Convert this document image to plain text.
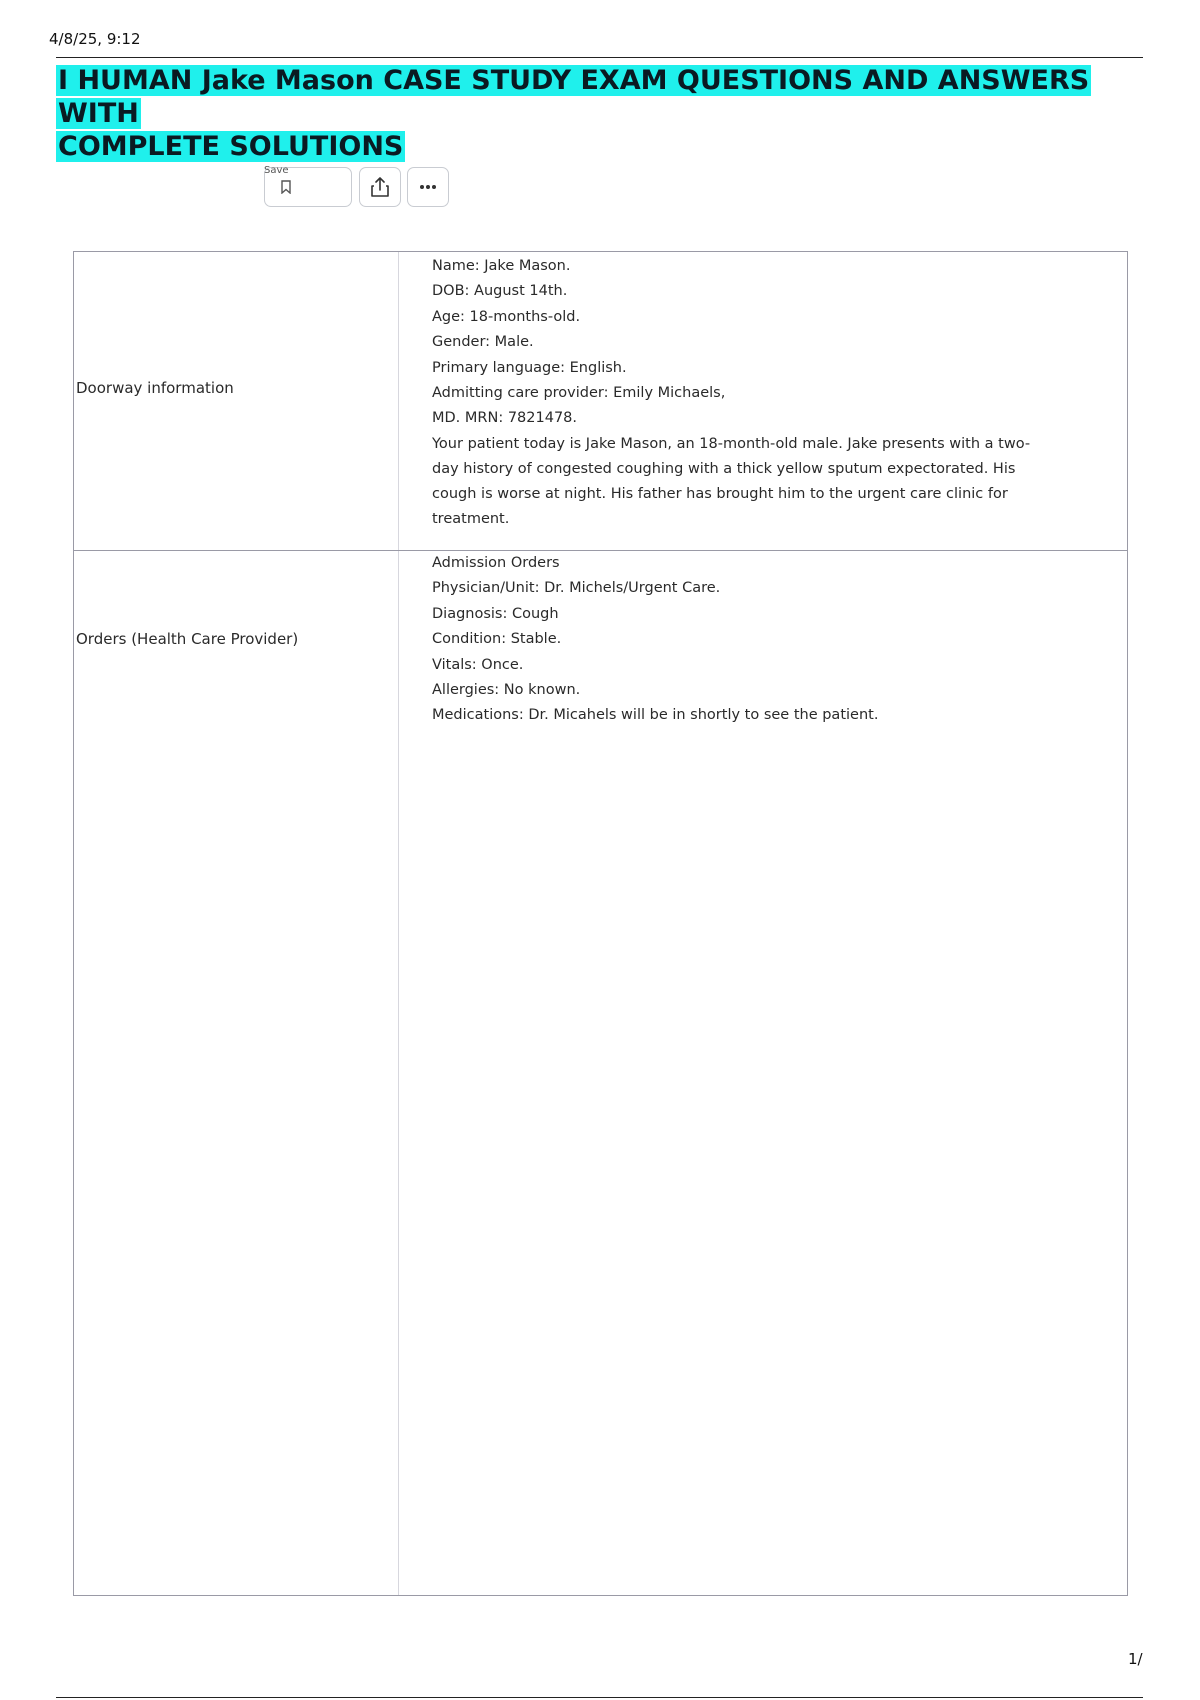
4/8/25, 9:12
I HUMAN Jake Mason CASE STUDY EXAM QUESTIONS AND ANSWERS WITH
COMPLETE SOLUTIONS
Save
Doorway information
Name: Jake Mason.
DOB: August 14th.
Age: 18-months-old.
Gender: Male.
Primary language: English.
Admitting care provider: Emily Michaels,
MD. MRN: 7821478.
Your patient today is Jake Mason, an 18-month-old male. Jake presents with a two-day history of congested coughing with a thick yellow sputum expectorated. His cough is worse at night. His father has brought him to the urgent care clinic for treatment.
Orders (Health Care Provider)
Admission Orders
Physician/Unit: Dr. Michels/Urgent Care.
Diagnosis: Cough
Condition: Stable.
Vitals: Once.
Allergies: No known.
Medications: Dr. Micahels will be in shortly to see the patient.
1/
